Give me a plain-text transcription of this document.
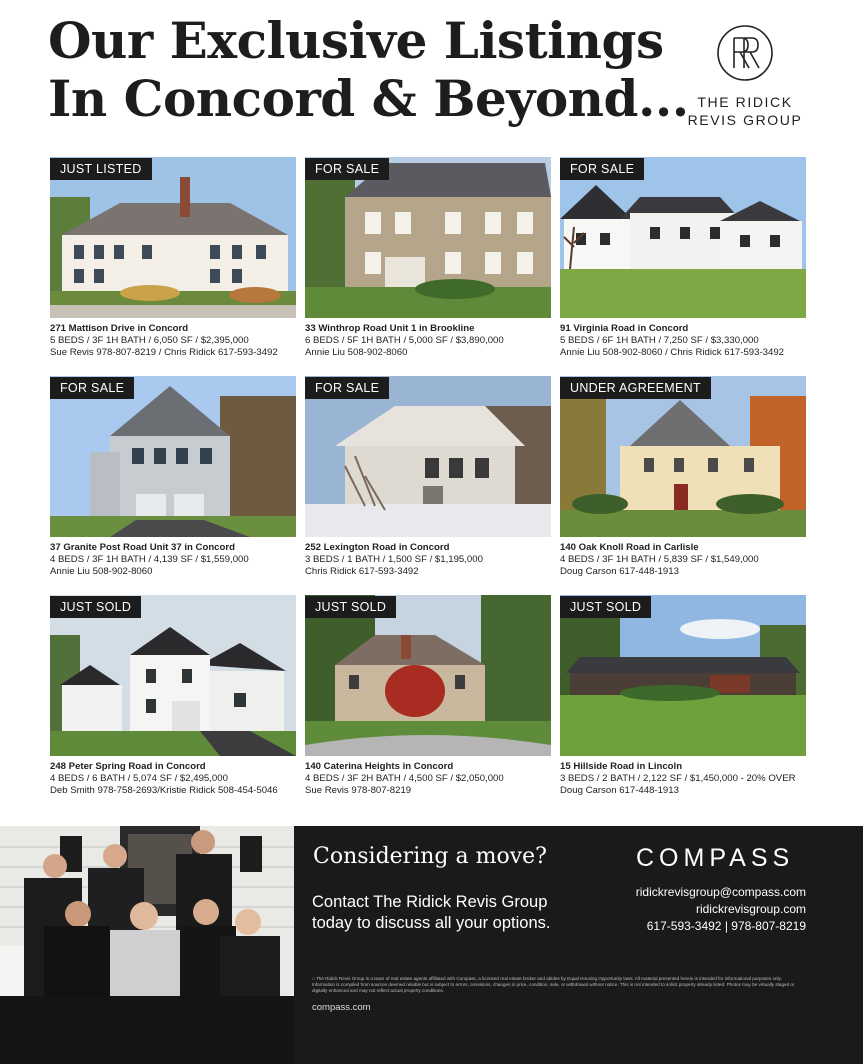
Our Exclusive Listings
In Concord & Beyond... THE RIDICK
REVIS GROUP
JUST LISTED
271 Mattison Drive in Concord
5 BEDS / 3F 1H BATH / 6,050 SF / $2,395,000
Sue Revis 978-807-8219 / Chris Ridick 617-593-3492
FOR SALE
33 Winthrop Road Unit 1 in Brookline
6 BEDS / 5F 1H BATH / 5,000 SF / $3,890,000
Annie Liu 508-902-8060
FOR SALE
91 Virginia Road in Concord
5 BEDS / 6F 1H BATH / 7,250 SF / $3,330,000
Annie Liu 508-902-8060 / Chris Ridick 617-593-3492
FOR SALE
37 Granite Post Road Unit 37 in Concord
4 BEDS / 3F 1H BATH / 4,139 SF / $1,559,000
Annie Liu 508-902-8060
FOR SALE
252 Lexington Road in Concord
3 BEDS / 1 BATH / 1,500 SF / $1,195,000
Chris Ridick 617-593-3492
UNDER AGREEMENT
140 Oak Knoll Road in Carlisle
4 BEDS / 3F 1H BATH / 5,839 SF / $1,549,000
Doug Carson 617-448-1913
JUST SOLD
248 Peter Spring Road in Concord
4 BEDS / 6 BATH / 5,074 SF / $2,495,000
Deb Smith 978-758-2693/Kristie Ridick 508-454-5046
JUST SOLD
140 Caterina Heights in Concord
4 BEDS / 3F 2H BATH / 4,500 SF / $2,050,000
Sue Revis 978-807-8219
JUST SOLD
15 Hillside Road in Lincoln
3 BEDS / 2 BATH / 2,122 SF / $1,450,000 - 20% OVER
Doug Carson 617-448-1913
Considering a move?
Contact The Ridick Revis Group
today to discuss all your options.
COMPASS
ridickrevisgroup@compass.com
ridickrevisgroup.com
617-593-3492 | 978-807-8219
⌂ The Ridick Revis Group is a team of real estate agents affiliated with Compass, a licensed real estate broker and abides by Equal Housing Opportunity laws. All material presented herein is intended for informational purposes only. Information is compiled from sources deemed reliable but is subject to errors, omissions, changes in price, condition, sale, or withdrawal without notice. This is not intended to solicit property already listed. Photos may be virtually staged or digitally enhanced and may not reflect actual property conditions.
compass.com
